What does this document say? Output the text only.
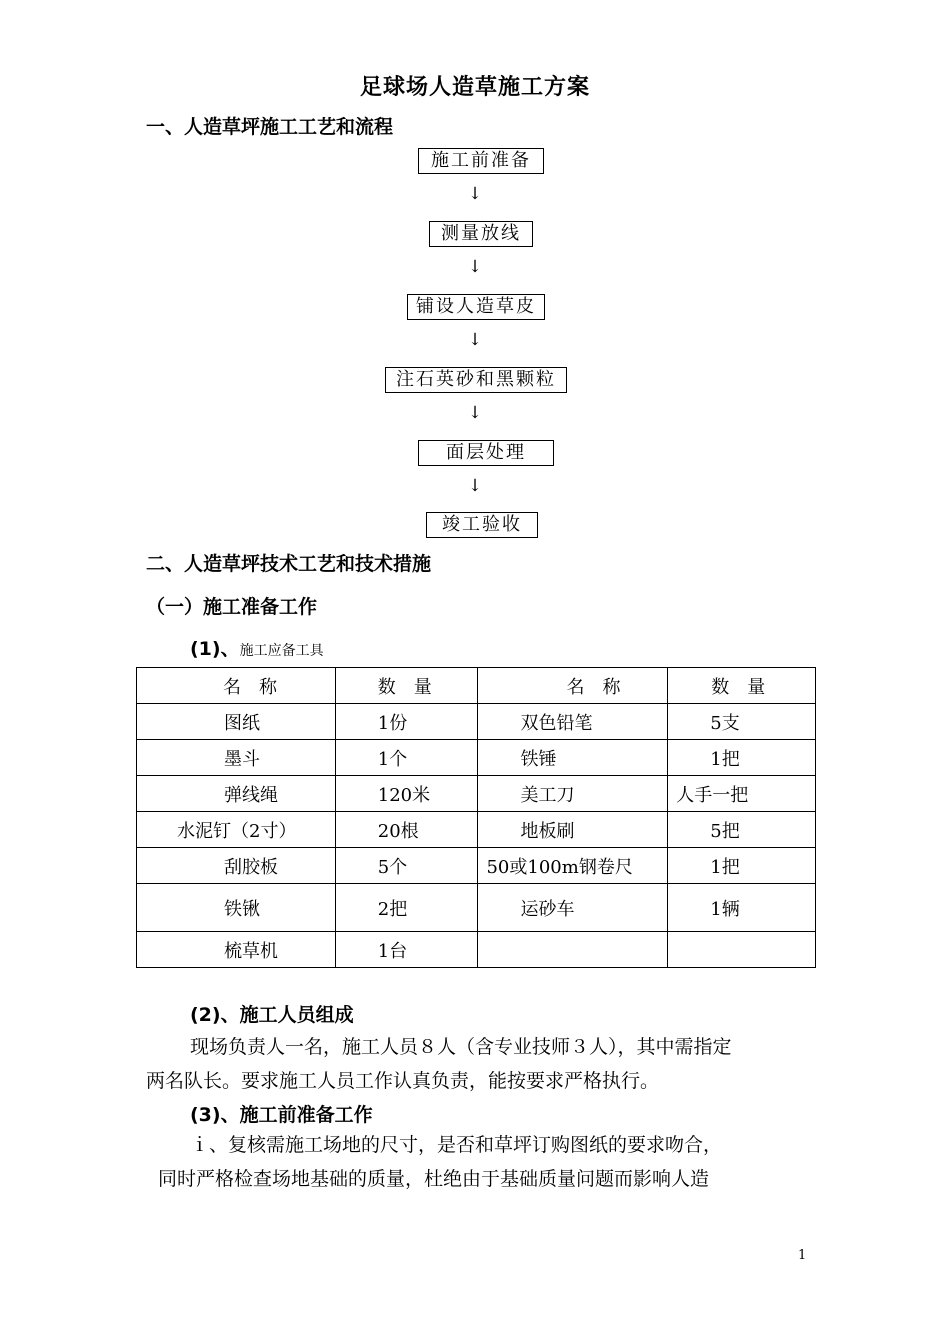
足球场人造草施工方案
一、人造草坪施工工艺和流程
施工前准备
↓
测量放线
↓
铺设人造草皮
↓
注石英砂和黑颗粒
↓
面层处理
↓
竣工验收
二、人造草坪技术工艺和技术措施
（一）施工准备工作
(1)、施工应备工具
名　称	数　量	名　称	数　量
图纸	1份	双色铅笔	5支
墨斗	1个	铁锤	1把
弹线绳	120米	美工刀	人手一把
水泥钉（2寸）	20根	地板刷	5把
刮胶板	5个	50或100m钢卷尺	1把
铁锹	2把	运砂车	1辆
梳草机	1台		
(2)、施工人员组成
现场负责人一名，施工人员８人（含专业技师３人），其中需指定
两名队长。要求施工人员工作认真负责，能按要求严格执行。
(3)、施工前准备工作
ｉ、复核需施工场地的尺寸，是否和草坪订购图纸的要求吻合，
同时严格检查场地基础的质量，杜绝由于基础质量问题而影响人造
1
